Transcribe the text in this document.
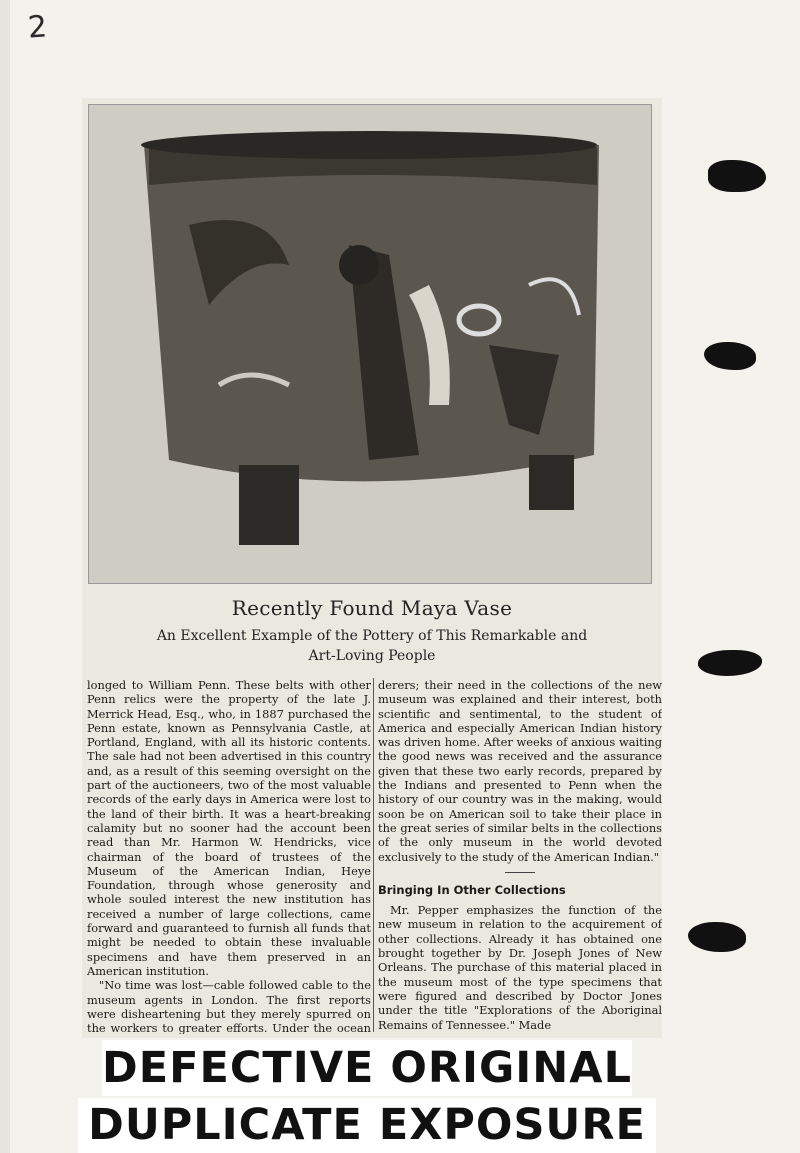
2
Recently Found Maya Vase
An Excellent Example of the Pottery of This Remarkable and Art-Loving People

longed to William Penn. These belts with other Penn relics were the property of the late J. Merrick Head, Esq., who, in 1887 purchased the Penn estate, known as Pennsylvania Castle, at Portland, England, with all its historic contents. The sale had not been advertised in this country and, as a result of this seeming oversight on the part of the auctioneers, two of the most valuable records of the early days in America were lost to the land of their birth. It was a heart-breaking calamity but no sooner had the account been read than Mr. Harmon W. Hendricks, vice chairman of the board of trustees of the Museum of the American Indian, Heye Foundation, through whose generosity and whole souled interest the new institution has received a number of large collections, came forward and guaranteed to furnish all funds that might be needed to obtain these invaluable specimens and have them preserved in an American institution.

"No time was lost—cable followed cable to the museum agents in London. The first reports were disheartening but they merely spurred on the workers to greater efforts. Under the ocean

derers; their need in the collections of the new museum was explained and their interest, both scientific and sentimental, to the student of America and especially American Indian history was driven home. After weeks of anxious waiting the good news was received and the assurance given that these two early records, prepared by the Indians and presented to Penn when the history of our country was in the making, would soon be on American soil to take their place in the great series of similar belts in the collections of the only museum in the world devoted exclusively to the study of the American Indian."

Bringing In Other Collections

Mr. Pepper emphasizes the function of the new museum in relation to the acquirement of other collections. Already it has obtained one brought together by Dr. Joseph Jones of New Orleans. The purchase of this material placed in the museum most of the type specimens that were figured and described by Doctor Jones under the title "Explorations of the Aboriginal Remains of Tennessee." Made

DEFECTIVE ORIGINAL
DUPLICATE EXPOSURE
